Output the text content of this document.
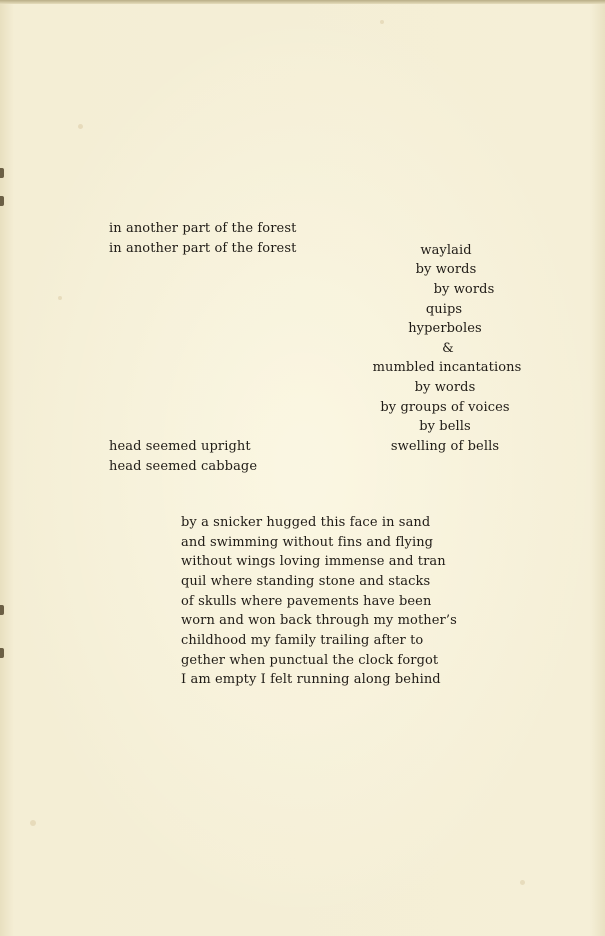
in another part of the forest
in another part of the forest	waylaid
by words
by words
quips
hyperboles
&
mumbled incantations
by words
by groups of voices
by bells
swelling of bells
head seemed upright
head seemed cabbage
by a snicker hugged this face in sand
and swimming without fins and flying
without wings loving immense and tran
quil where standing stone and stacks
of skulls where pavements have been
worn and won back through my mother’s
childhood my family trailing after to
gether when punctual the clock forgot
I am empty I felt running along behind
